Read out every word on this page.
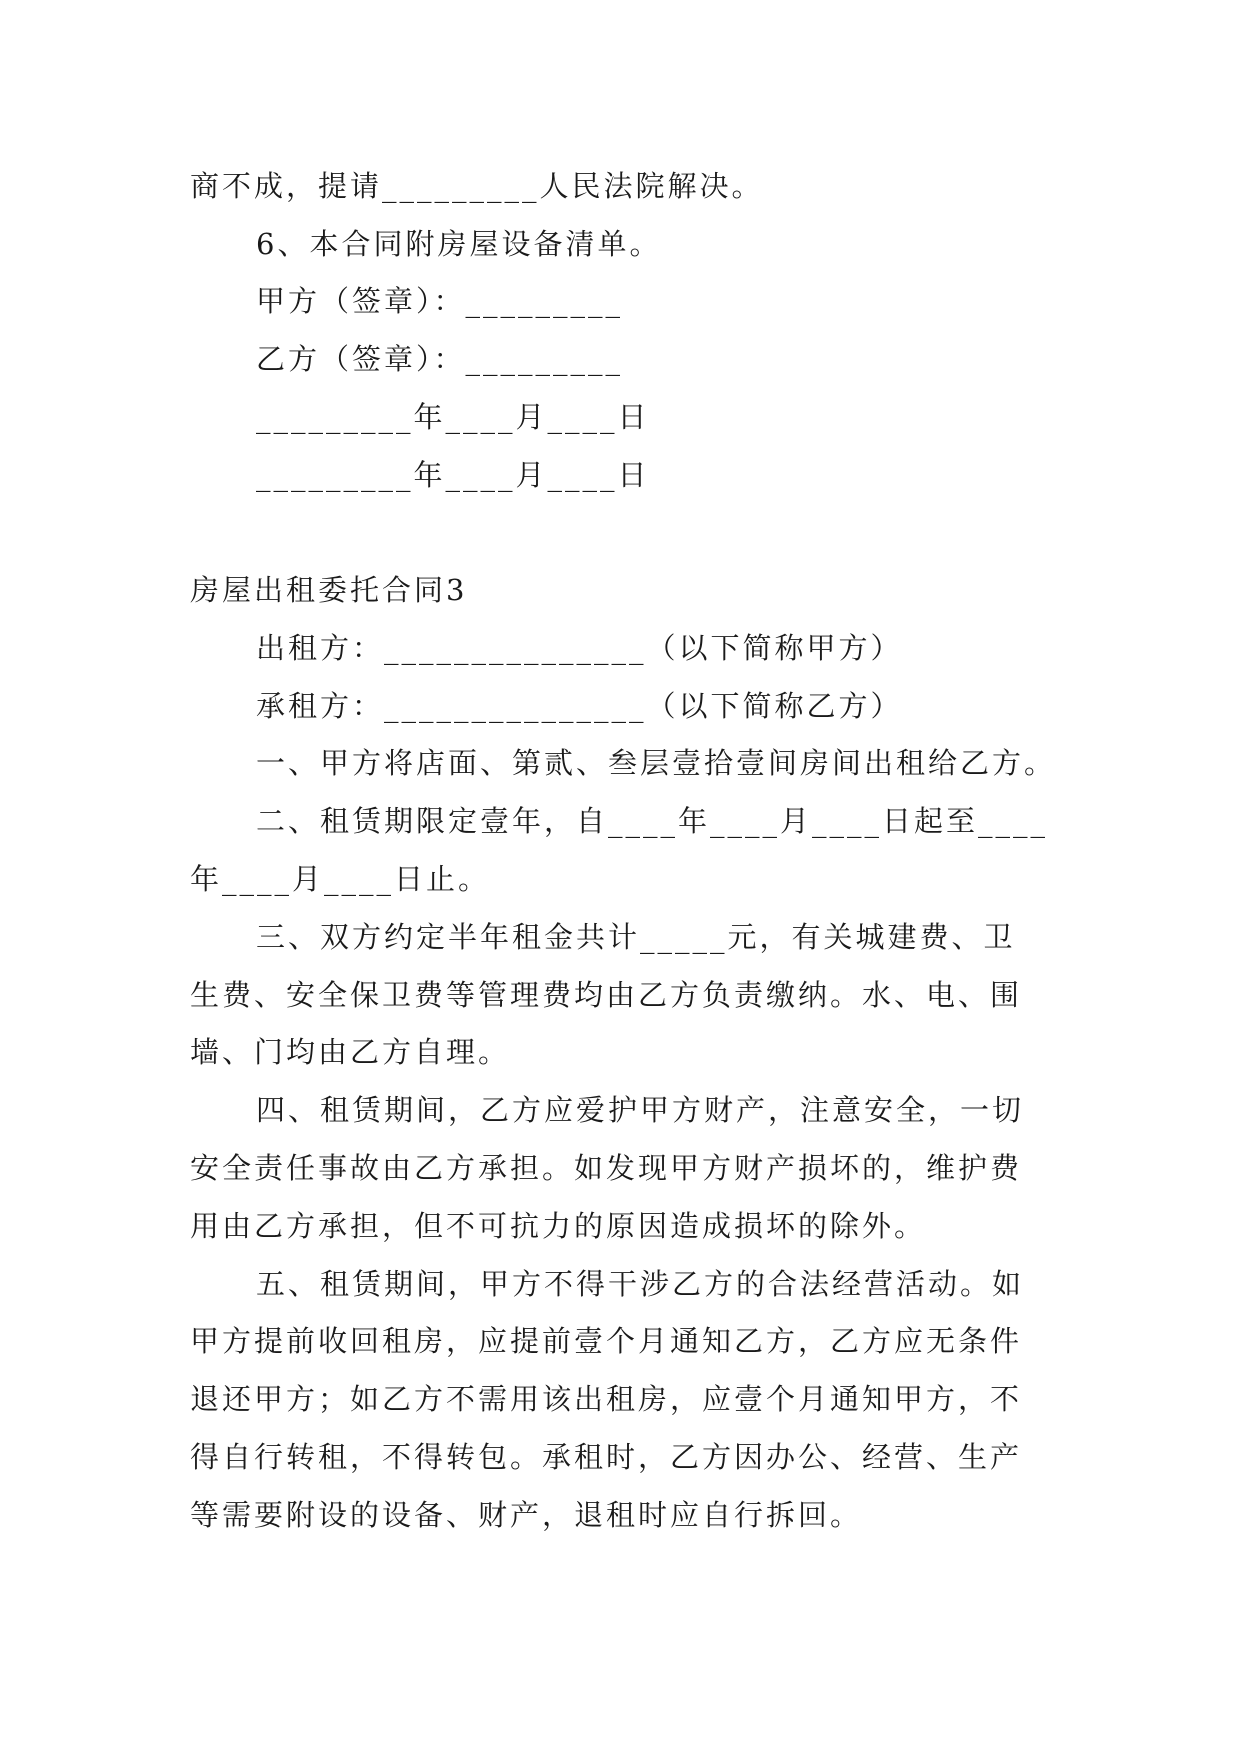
商不成，提请_________人民法院解决。
6、本合同附房屋设备清单。
甲方（签章）：_________
乙方（签章）：_________
_________年____月____日
_________年____月____日
房屋出租委托合同3
出租方：_______________（以下简称甲方）
承租方：_______________（以下简称乙方）
一、甲方将店面、第贰、叁层壹拾壹间房间出租给乙方。
二、租赁期限定壹年，自____年____月____日起至____
年____月____日止。
三、双方约定半年租金共计_____元，有关城建费、卫
生费、安全保卫费等管理费均由乙方负责缴纳。水、电、围
墙、门均由乙方自理。
四、租赁期间，乙方应爱护甲方财产，注意安全，一切
安全责任事故由乙方承担。如发现甲方财产损坏的，维护费
用由乙方承担，但不可抗力的原因造成损坏的除外。
五、租赁期间，甲方不得干涉乙方的合法经营活动。如
甲方提前收回租房，应提前壹个月通知乙方，乙方应无条件
退还甲方；如乙方不需用该出租房，应壹个月通知甲方，不
得自行转租，不得转包。承租时，乙方因办公、经营、生产
等需要附设的设备、财产，退租时应自行拆回。
